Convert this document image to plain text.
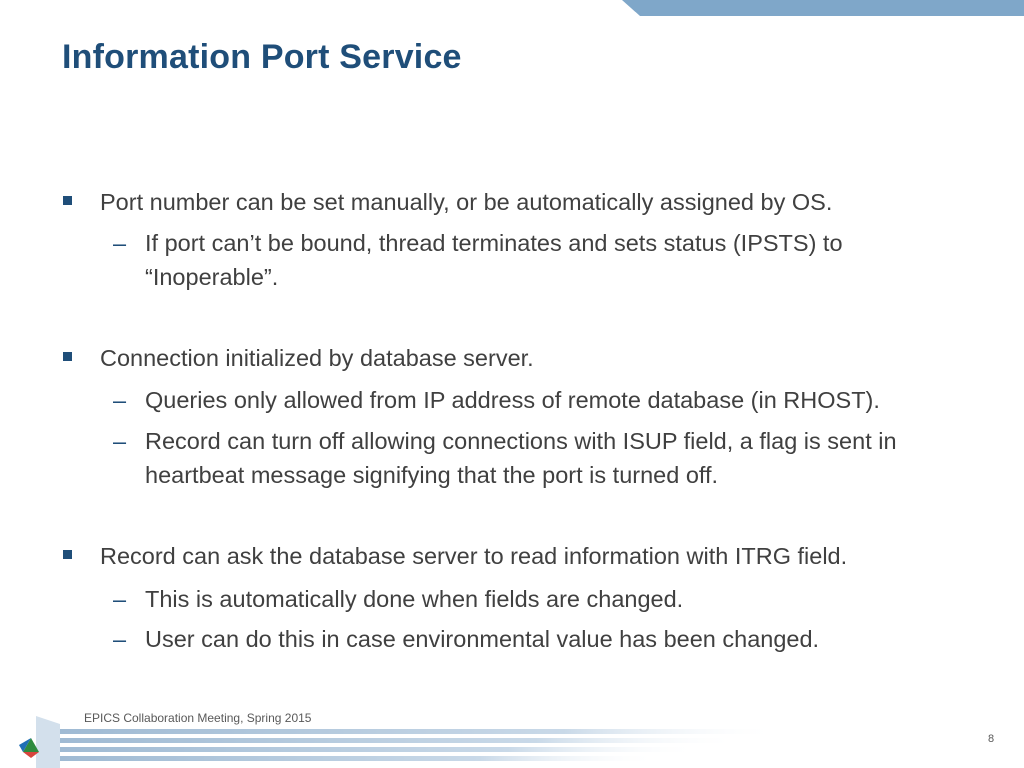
Information Port Service
Port number can be set manually, or be automatically assigned by OS.
– If port can’t be bound, thread terminates and sets status (IPSTS) to “Inoperable”.
Connection initialized by database server.
– Queries only allowed from IP address of remote database (in RHOST).
– Record can turn off allowing connections with ISUP field, a flag is sent in heartbeat message signifying that the port is turned off.
Record can ask the database server to read information with ITRG field.
– This is automatically done when fields are changed.
– User can do this in case environmental value has been changed.
EPICS Collaboration Meeting, Spring 2015
8
